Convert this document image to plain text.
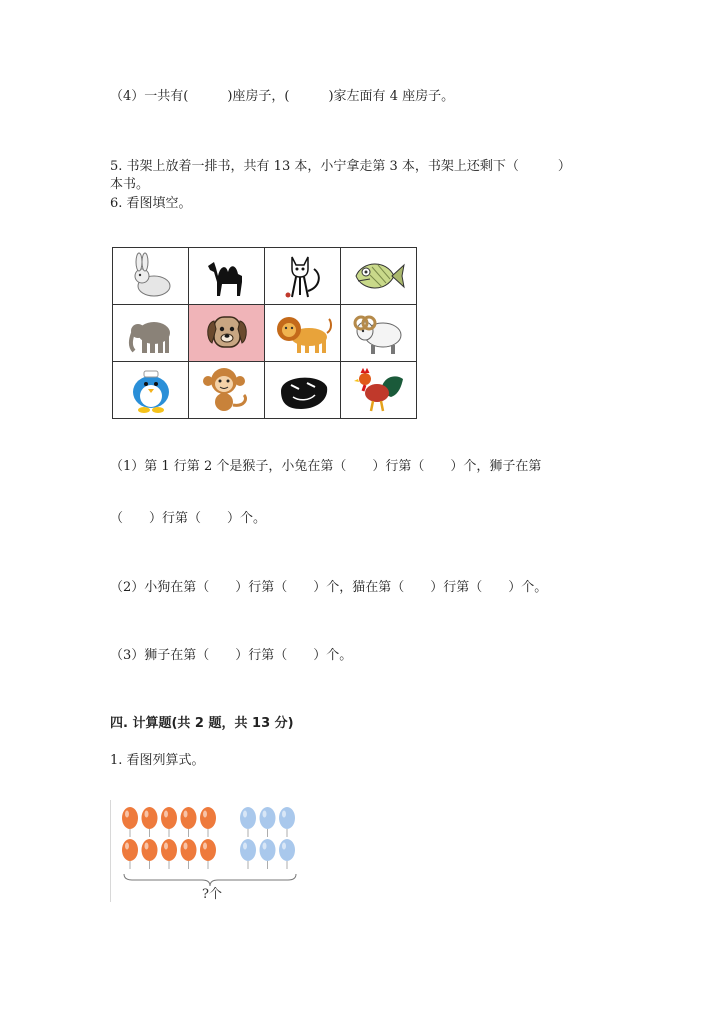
（4）一共有(　　　)座房子，(　　　)家左面有 4 座房子。
5. 书架上放着一排书，共有 13 本，小宁拿走第 3 本，书架上还剩下（　　　）
本书。
6. 看图填空。

（1）第 1 行第 2 个是猴子，小兔在第（　　）行第（　　）个，狮子在第
（　　）行第（　　）个。
（2）小狗在第（　　）行第（　　）个，猫在第（　　）行第（　　）个。
（3）狮子在第（　　）行第（　　）个。
四. 计算题(共 2 题，共 13 分)
1. 看图列算式。
?个
